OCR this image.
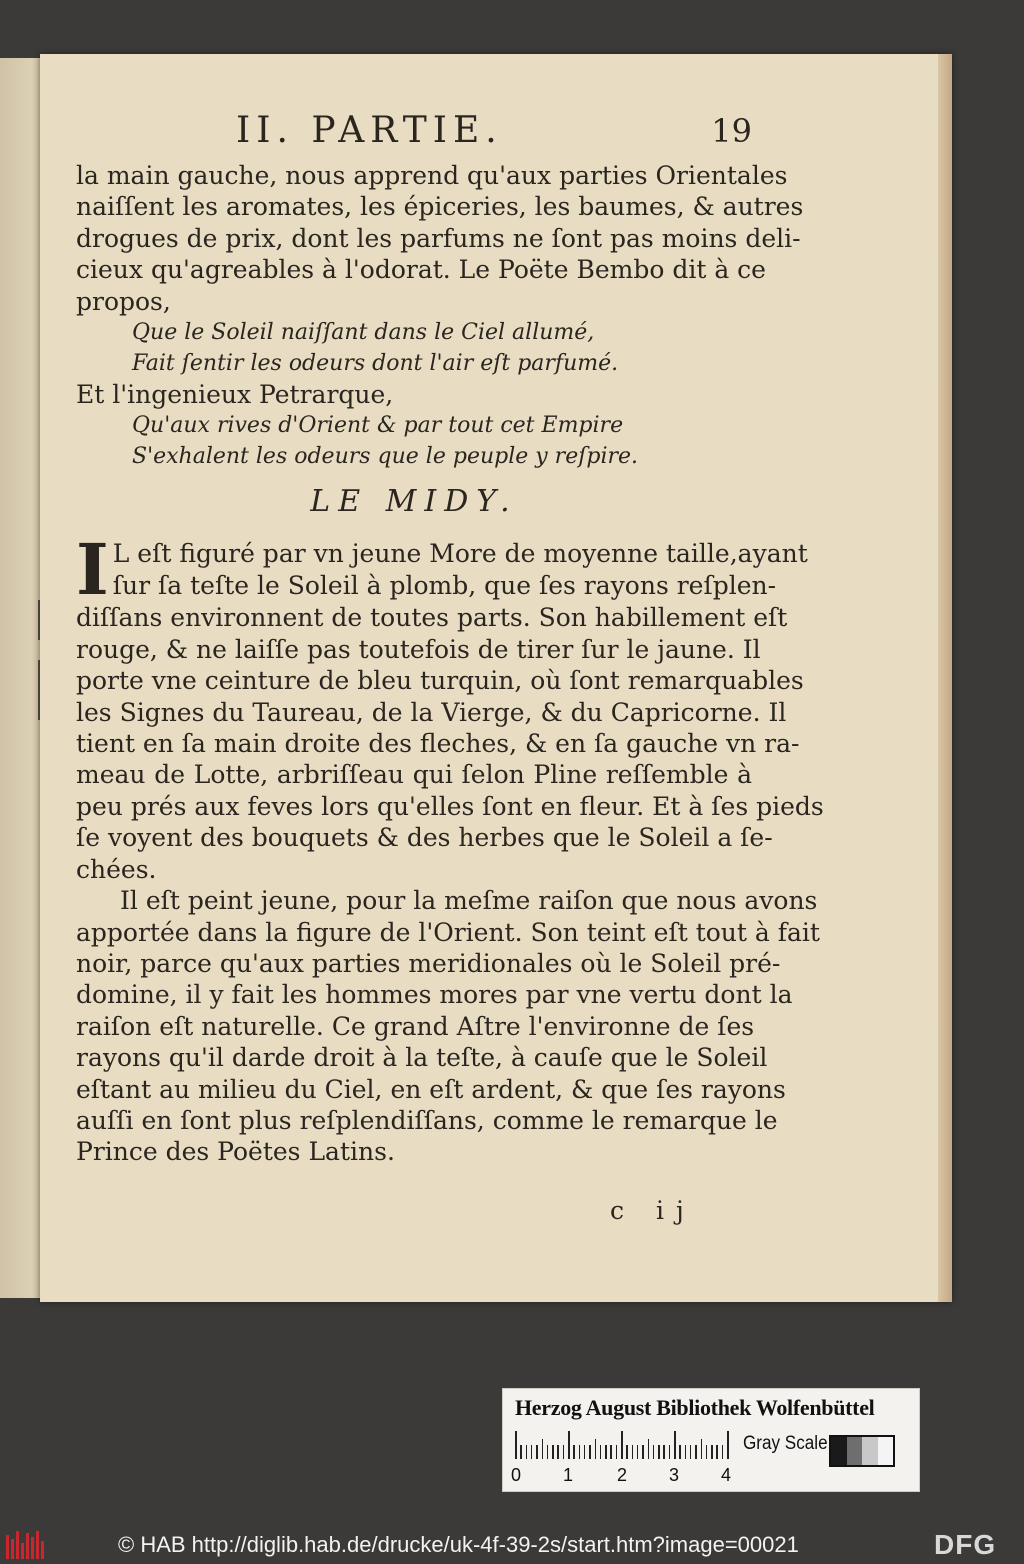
II. PARTIE.	19
la main gauche, nous apprend qu'aux parties Orientales
naiſſent les aromates, les épiceries, les baumes, & autres
drogues de prix, dont les parfums ne ſont pas moins deli-
cieux qu'agreables à l'odorat. Le Poëte Bembo dit à ce
propos,
Que le Soleil naiſſant dans le Ciel allumé,
Fait ſentir les odeurs dont l'air eſt parfumé.
Et l'ingenieux Petrarque,
Qu'aux rives d'Orient & par tout cet Empire
S'exhalent les odeurs que le peuple y reſpire.
LE MIDY.
I L eſt figuré par vn jeune More de moyenne taille,ayant
ſur ſa teſte le Soleil à plomb, que ſes rayons reſplen-
diſſans environnent de toutes parts. Son habillement eſt
rouge, & ne laiſſe pas toutefois de tirer ſur le jaune. Il
porte vne ceinture de bleu turquin, où ſont remarquables
les Signes du Taureau, de la Vierge, & du Capricorne. Il
tient en ſa main droite des fleches, & en ſa gauche vn ra-
meau de Lotte, arbriſſeau qui ſelon Pline reſſemble à
peu prés aux feves lors qu'elles ſont en fleur. Et à ſes pieds
ſe voyent des bouquets & des herbes que le Soleil a ſe-
chées.
Il eſt peint jeune, pour la meſme raiſon que nous avons
apportée dans la figure de l'Orient. Son teint eſt tout à fait
noir, parce qu'aux parties meridionales où le Soleil pré-
domine, il y fait les hommes mores par vne vertu dont la
raiſon eſt naturelle. Ce grand Aſtre l'environne de ſes
rayons qu'il darde droit à la teſte, à cauſe que le Soleil
eſtant au milieu du Ciel, en eſt ardent, & que ſes rayons
auſſi en ſont plus reſplendiſſans, comme le remarque le
Prince des Poëtes Latins.
c ij
Herzog August Bibliothek Wolfenbüttel
0 1 2 3 4
Gray Scale
© HAB http://diglib.hab.de/drucke/uk-4f-39-2s/start.htm?image=00021	DFG
